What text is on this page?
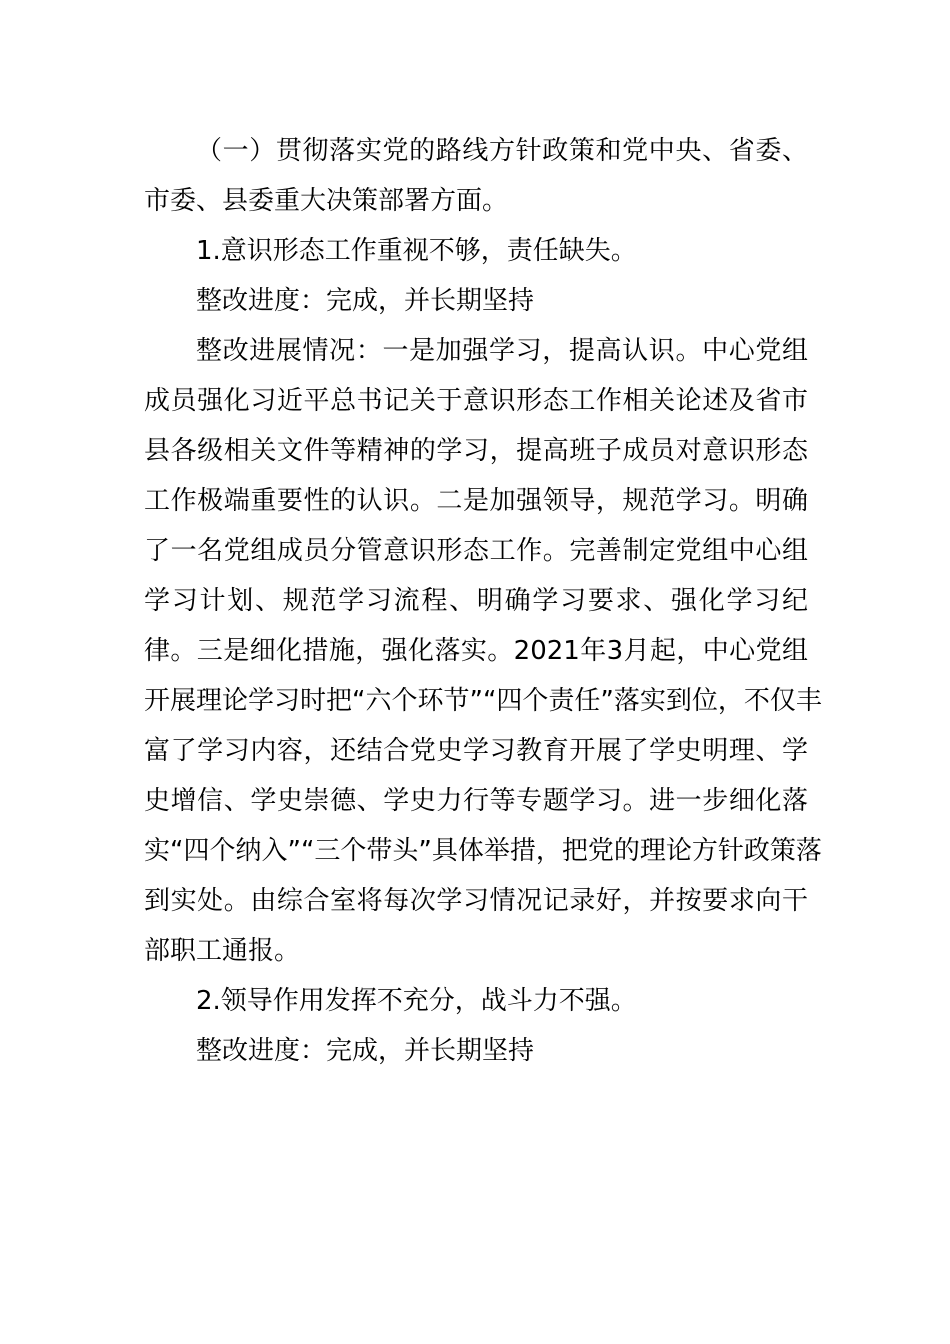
（一）贯彻落实党的路线方针政策和党中央、省委、
市委、县委重大决策部署方面。
1.意识形态工作重视不够，责任缺失。
整改进度：完成，并长期坚持
整改进展情况：一是加强学习，提高认识。中心党组
成员强化习近平总书记关于意识形态工作相关论述及省市
县各级相关文件等精神的学习，提高班子成员对意识形态
工作极端重要性的认识。二是加强领导，规范学习。明确
了一名党组成员分管意识形态工作。完善制定党组中心组
学习计划、规范学习流程、明确学习要求、强化学习纪
律。三是细化措施，强化落实。2021年3月起，中心党组
开展理论学习时把“六个环节”“四个责任”落实到位，不仅丰
富了学习内容，还结合党史学习教育开展了学史明理、学
史增信、学史崇德、学史力行等专题学习。进一步细化落
实“四个纳入”“三个带头”具体举措，把党的理论方针政策落
到实处。由综合室将每次学习情况记录好，并按要求向干
部职工通报。
2.领导作用发挥不充分，战斗力不强。
整改进度：完成，并长期坚持
